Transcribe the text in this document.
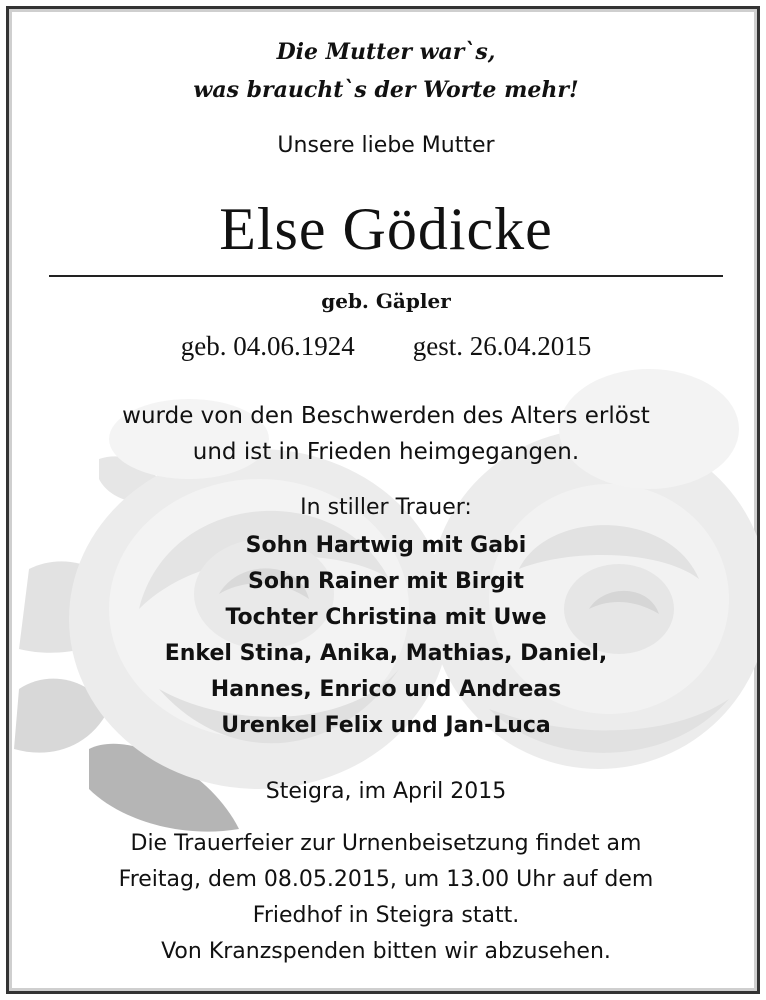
Die Mutter war`s,

was braucht`s der Worte mehr!

Unsere liebe Mutter

Else Gödicke

geb. Gäpler

geb. 04.06.1924 gest. 26.04.2015

wurde von den Beschwerden des Alters erlöst

und ist in Frieden heimgegangen.

In stiller Trauer:

Sohn Hartwig mit Gabi

Sohn Rainer mit Birgit

Tochter Christina mit Uwe

Enkel Stina, Anika, Mathias, Daniel,

Hannes, Enrico und Andreas

Urenkel Felix und Jan-Luca

Steigra, im April 2015

Die Trauerfeier zur Urnenbeisetzung findet am

Freitag, dem 08.05.2015, um 13.00 Uhr auf dem

Friedhof in Steigra statt.

Von Kranzspenden bitten wir abzusehen.
